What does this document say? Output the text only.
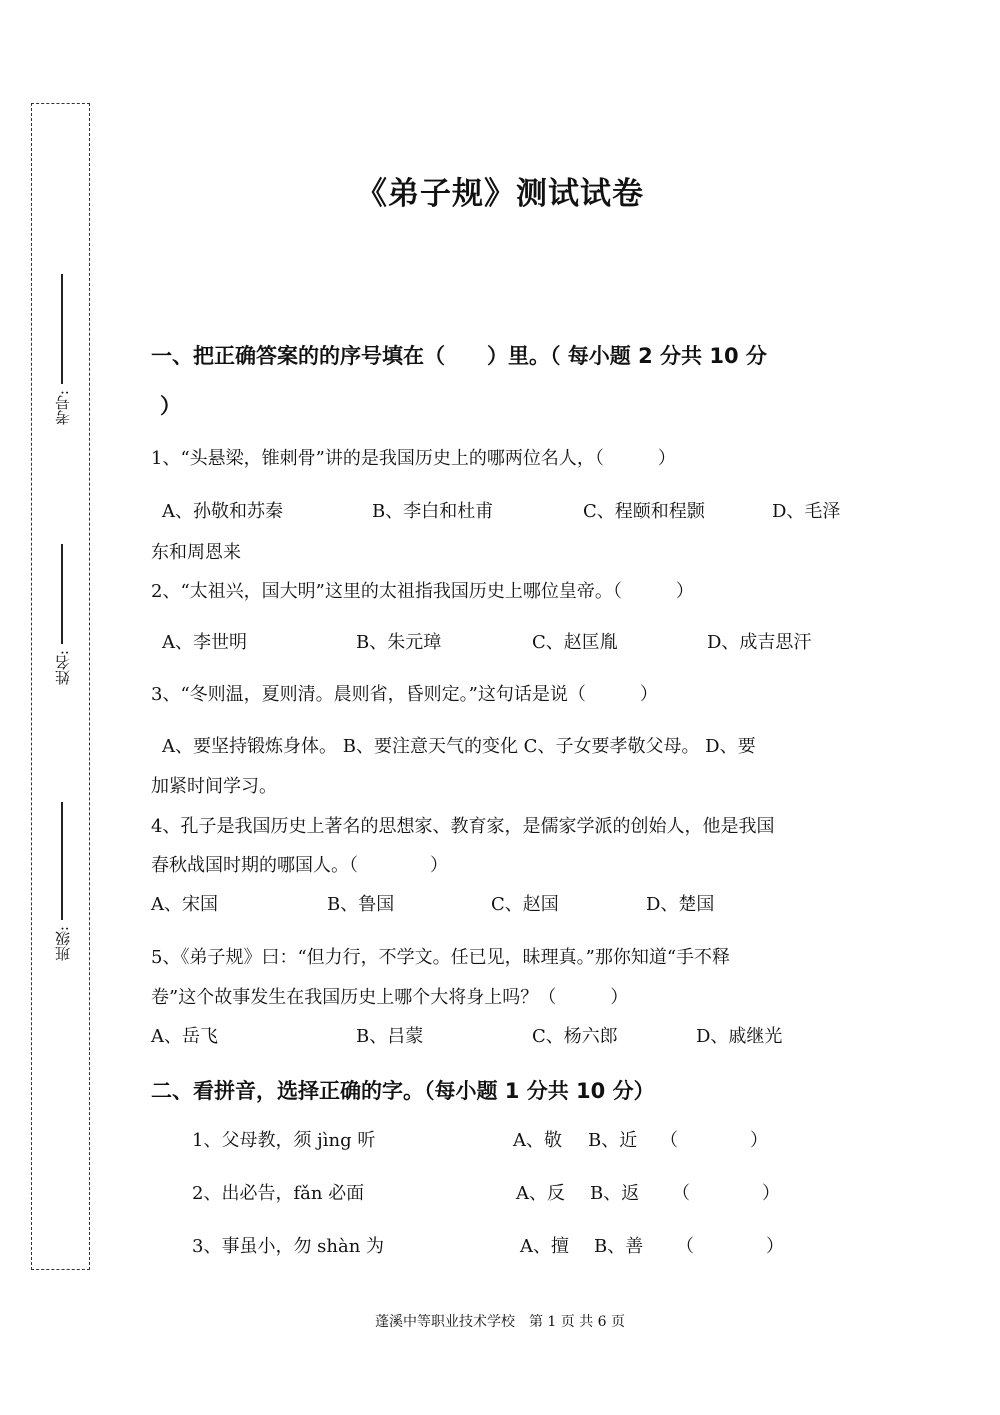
考号:
姓名:
班级:
《弟子规》测试试卷
一、把正确答案的的序号填在（　　）里。（ 每小题 2 分共 10 分
）
1、“头悬梁，锥刺骨”讲的是我国历史上的哪两位名人，（　　　）
A、孙敬和苏秦	B、李白和杜甫	C、程颐和程颢	D、毛泽
东和周恩来
2、“太祖兴，国大明”这里的太祖指我国历史上哪位皇帝。（　　　）
A、李世明	B、朱元璋	C、赵匡胤	D、成吉思汗
3、“冬则温，夏则清。晨则省，昏则定。”这句话是说（　　　）
A、要坚持锻炼身体。 B、要注意天气的变化 C、子女要孝敬父母。 D、要
加紧时间学习。
4、孔子是我国历史上著名的思想家、教育家，是儒家学派的创始人，他是我国
春秋战国时期的哪国人。（　　　　）
A、宋国	B、鲁国	C、赵国	D、楚国
5、《弟子规》曰：“但力行，不学文。任已见，昧理真。”那你知道“手不释
卷”这个故事发生在我国历史上哪个大将身上吗？（　　　）
A、岳飞	B、吕蒙	C、杨六郎	D、戚继光
二、看拼音，选择正确的字。（每小题 1 分共 10 分）
1、父母教，须 jìng 听	A、敬 B、近 （　　　　）
2、出必告，fǎn 必面	A、反 B、返 （　　　　）
3、事虽小，勿 shàn 为	A、擅 B、善 （　　　　）
蓬溪中等职业技术学校　第 1 页 共 6 页
